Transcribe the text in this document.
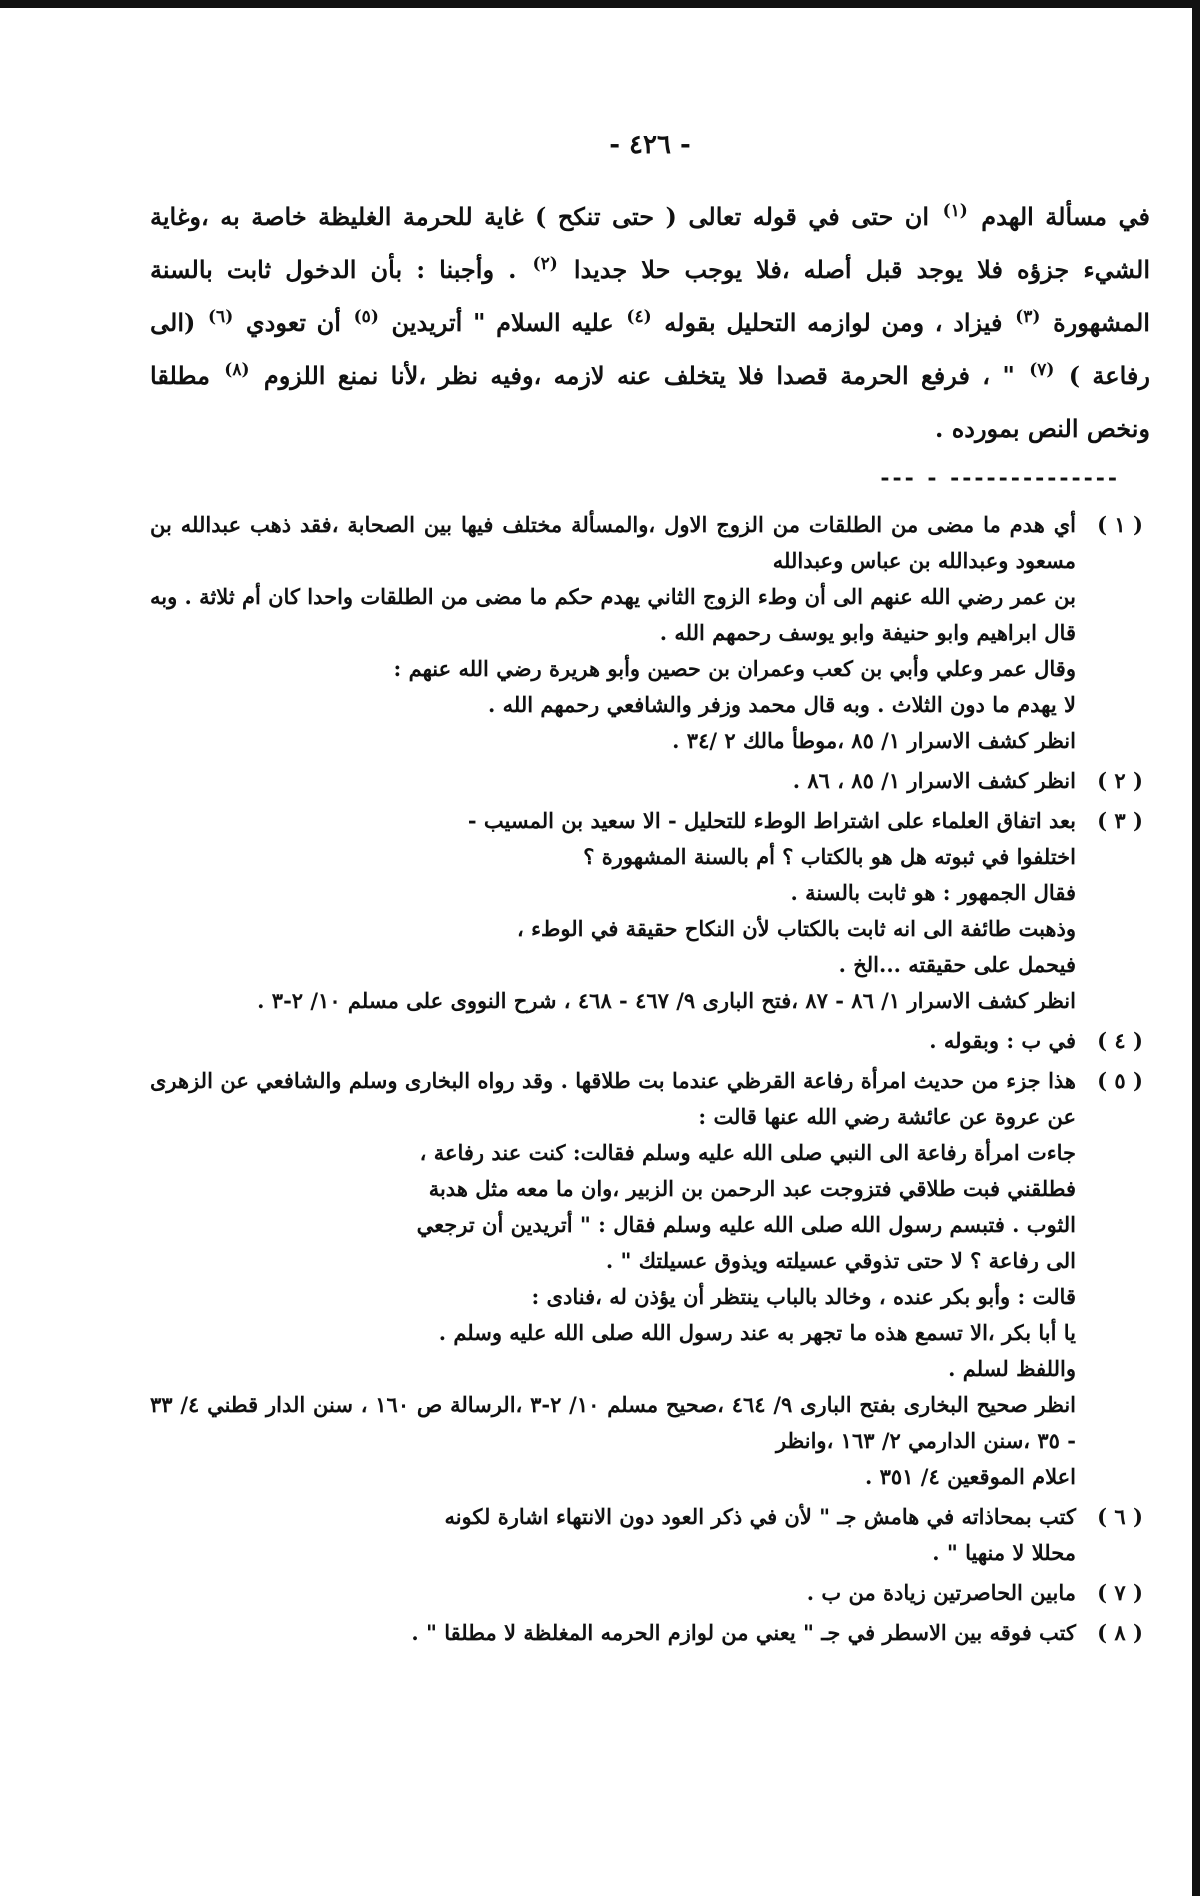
- ٤٢٦ -

في مسألة الهدم $^{(١)}$ ان حتى في قوله تعالى ( حتى تنكح ) غاية للحرمة الغليظة خاصة به ،وغاية الشيء جزؤه فلا يوجد قبل أصله ،فلا يوجب حلا جديدا $^{(٢)}$ . وأجبنا : بأن الدخول ثابت بالسنة المشهورة $^{(٣)}$ فيزاد ، ومن لوازمه التحليل بقوله $^{(٤)}$ عليه السلام " أتريدين $^{(٥)}$ أن تعودي $^{(٦)}$ (الى رفاعة ) $^{(٧)}$ " ، فرفع الحرمة قصدا فلا يتخلف عنه لازمه ،وفيه نظر ،لأنا نمنع اللزوم $^{(٨)}$ مطلقا ونخص النص بمورده .

--- - --------------
( ١ )

أي هدم ما مضى من الطلقات من الزوج الاول ،والمسألة مختلف فيها بين الصحابة ،فقد ذهب عبدالله بن مسعود وعبدالله بن عباس وعبدالله

بن عمر رضي الله عنهم الى أن وطء الزوج الثاني يهدم حكم ما مضى من الطلقات واحدا كان أم ثلاثة . وبه قال ابراهيم وابو حنيفة وابو يوسف رحمهم الله .

وقال عمر وعلي وأبي بن كعب وعمران بن حصين وأبو هريرة رضي الله عنهم :

لا يهدم ما دون الثلاث . وبه قال محمد وزفر والشافعي رحمهم الله .

انظر كشف الاسرار ١/ ٨٥ ،موطأ مالك ٢ /٣٤ .

( ٢ )

انظر كشف الاسرار ١/ ٨٥ ، ٨٦ .

( ٣ )

بعد اتفاق العلماء على اشتراط الوطء للتحليل - الا سعيد بن المسيب -

اختلفوا في ثبوته هل هو بالكتاب ؟ أم بالسنة المشهورة ؟

فقال الجمهور : هو ثابت بالسنة .

وذهبت طائفة الى انه ثابت بالكتاب لأن النكاح حقيقة في الوطء ،

فيحمل على حقيقته ...الخ .

انظر كشف الاسرار ١/ ٨٦ - ٨٧ ،فتح البارى ٩/ ٤٦٧ - ٤٦٨ ، شرح النووى على مسلم ١٠/ ٢-٣ .

( ٤ )

في ب : وبقوله .

( ٥ )

هذا جزء من حديث امرأة رفاعة القرظي عندما بت طلاقها . وقد رواه البخارى وسلم والشافعي عن الزهرى عن عروة عن عائشة رضي الله عنها قالت :

جاءت امرأة رفاعة الى النبي صلى الله عليه وسلم فقالت: كنت عند رفاعة ،

فطلقني فبت طلاقي فتزوجت عبد الرحمن بن الزبير ،وان ما معه مثل هدبة

الثوب . فتبسم رسول الله صلى الله عليه وسلم فقال : " أتريدين أن ترجعي

الى رفاعة ؟ لا حتى تذوقي عسيلته ويذوق عسيلتك " .

قالت : وأبو بكر عنده ، وخالد بالباب ينتظر أن يؤذن له ،فنادى :

يا أبا بكر ،الا تسمع هذه ما تجهر به عند رسول الله صلى الله عليه وسلم .

واللفظ لسلم .

انظر صحيح البخارى بفتح البارى ٩/ ٤٦٤ ،صحيح مسلم ١٠/ ٢-٣ ،الرسالة ص ١٦٠ ، سنن الدار قطني ٤/ ٣٣ - ٣٥ ،سنن الدارمي ٢/ ١٦٣ ،وانظر

اعلام الموقعين ٤/ ٣٥١ .

( ٦ )

كتب بمحاذاته في هامش جـ " لأن في ذكر العود دون الانتهاء اشارة لكونه

محللا لا منهيا " .

( ٧ )

مابين الحاصرتين زيادة من ب .

( ٨ )

كتب فوقه بين الاسطر في جـ " يعني من لوازم الحرمه المغلظة لا مطلقا " .
